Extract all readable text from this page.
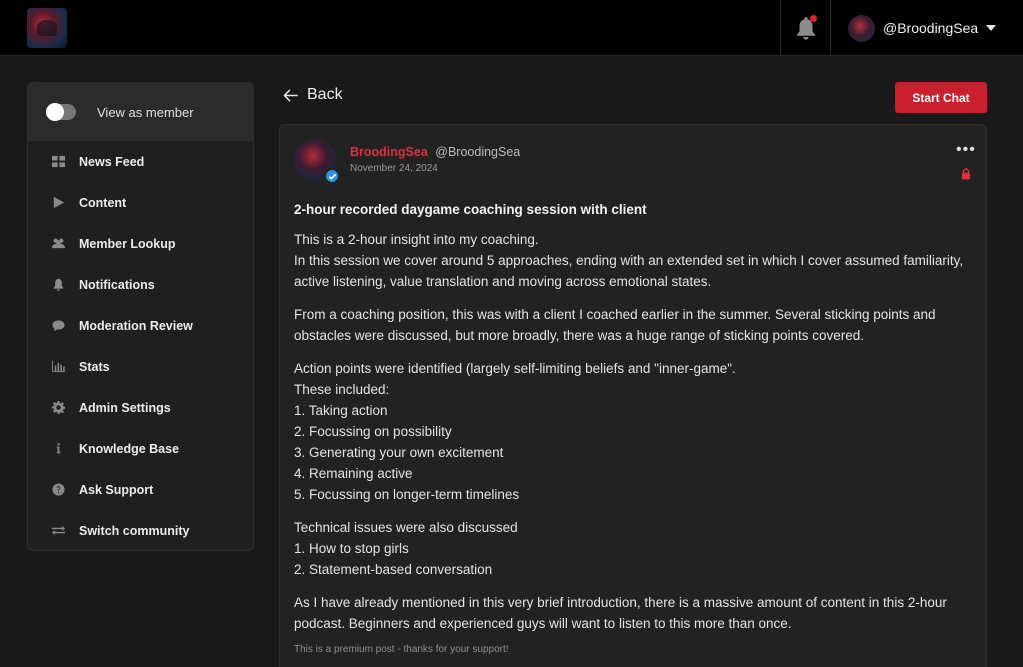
@BroodingSea
View as member
News Feed
Content
Member Lookup
Notifications
Moderation Review
Stats
Admin Settings
Knowledge Base
Ask Support
Switch community
Back	Start Chat
BroodingSea @BroodingSea
November 24, 2024
•••
2-hour recorded daygame coaching session with client

This is a 2-hour insight into my coaching.
In this session we cover around 5 approaches, ending with an extended set in which I cover assumed familiarity, active listening, value translation and moving across emotional states.

From a coaching position, this was with a client I coached earlier in the summer. Several sticking points and obstacles were discussed, but more broadly, there was a huge range of sticking points covered.

Action points were identified (largely self-limiting beliefs and "inner-game".
These included:
1. Taking action
2. Focussing on possibility
3. Generating your own excitement
4. Remaining active
5. Focussing on longer-term timelines

Technical issues were also discussed
1. How to stop girls
2. Statement-based conversation

As I have already mentioned in this very brief introduction, there is a massive amount of content in this 2-hour podcast. Beginners and experienced guys will want to listen to this more than once.

This is a premium post - thanks for your support!
